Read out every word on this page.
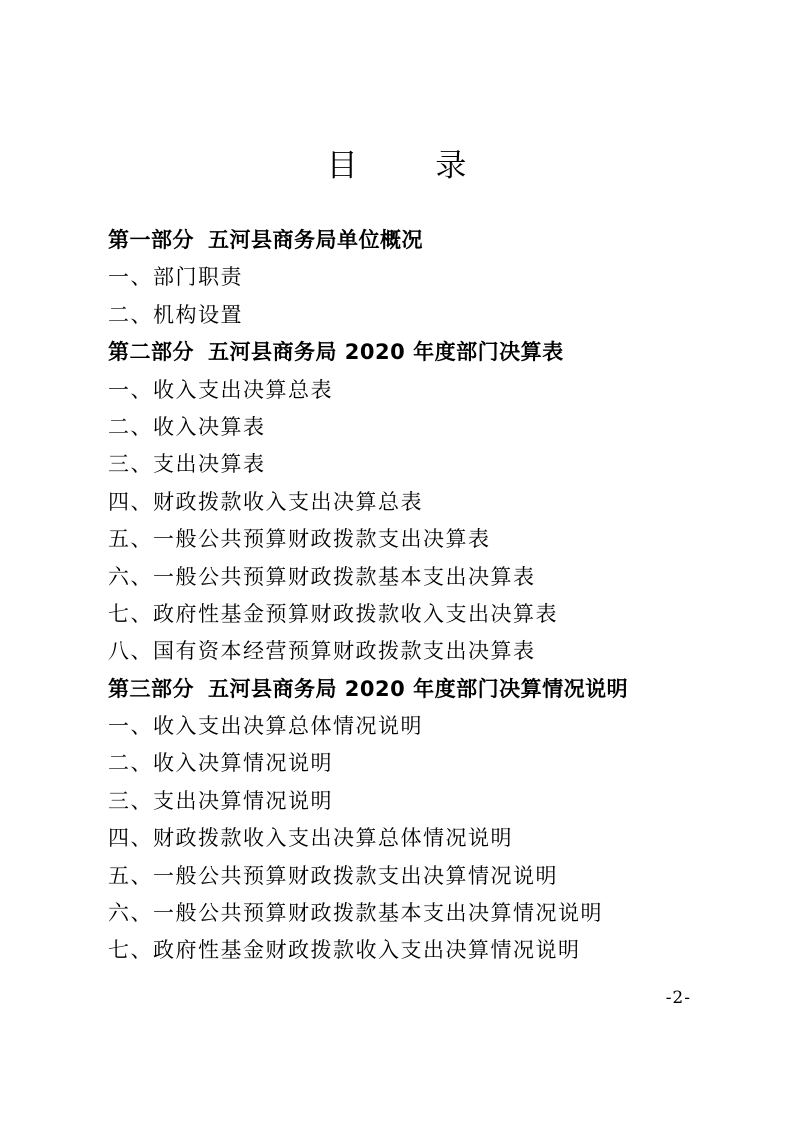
目 录
第一部分 五河县商务局单位概况
一、部门职责
二、机构设置
第二部分 五河县商务局 2020 年度部门决算表
一、收入支出决算总表
二、收入决算表
三、支出决算表
四、财政拨款收入支出决算总表
五、一般公共预算财政拨款支出决算表
六、一般公共预算财政拨款基本支出决算表
七、政府性基金预算财政拨款收入支出决算表
八、国有资本经营预算财政拨款支出决算表
第三部分 五河县商务局 2020 年度部门决算情况说明
一、收入支出决算总体情况说明
二、收入决算情况说明
三、支出决算情况说明
四、财政拨款收入支出决算总体情况说明
五、一般公共预算财政拨款支出决算情况说明
六、一般公共预算财政拨款基本支出决算情况说明
七、政府性基金财政拨款收入支出决算情况说明
-2-
